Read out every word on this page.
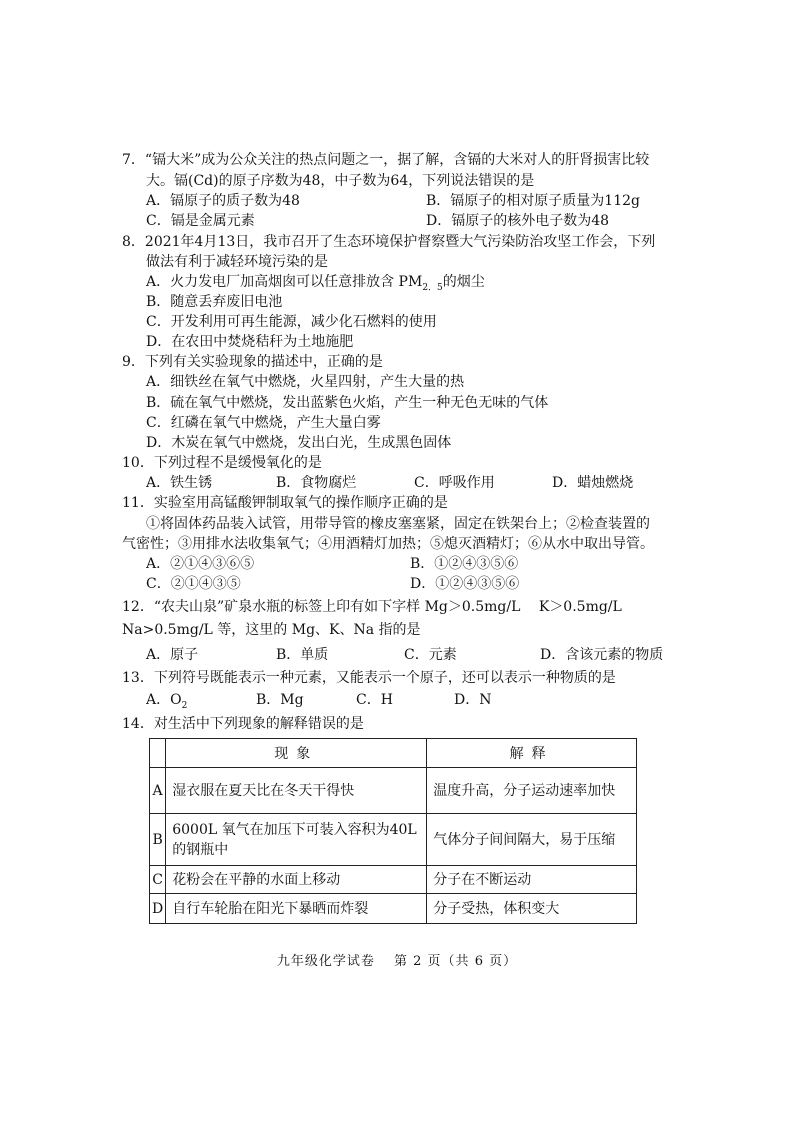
7．“镉大米”成为公众关注的热点问题之一，据了解，含镉的大米对人的肝肾损害比较
大。镉(Cd)的原子序数为48，中子数为64，下列说法错误的是
A．镉原子的质子数为48	B．镉原子的相对原子质量为112g
C．镉是金属元素	D．镉原子的核外电子数为48
8．2021年4月13日，我市召开了生态环境保护督察暨大气污染防治攻坚工作会，下列
做法有利于减轻环境污染的是
A．火力发电厂加高烟囱可以任意排放含 $PM_{2.5}$的烟尘
B．随意丢弃废旧电池
C．开发利用可再生能源，减少化石燃料的使用
D．在农田中焚烧秸秆为土地施肥
9．下列有关实验现象的描述中，正确的是
A．细铁丝在氧气中燃烧，火星四射，产生大量的热
B．硫在氧气中燃烧，发出蓝紫色火焰，产生一种无色无味的气体
C．红磷在氧气中燃烧，产生大量白雾
D．木炭在氧气中燃烧，发出白光，生成黑色固体
10．下列过程不是缓慢氧化的是
A．铁生锈	B．食物腐烂	C．呼吸作用	D．蜡烛燃烧
11．实验室用高锰酸钾制取氧气的操作顺序正确的是
①将固体药品装入试管，用带导管的橡皮塞塞紧，固定在铁架台上；②检查装置的
气密性；③用排水法收集氧气；④用酒精灯加热；⑤熄灭酒精灯；⑥从水中取出导管。
A．②①④③⑥⑤	B．①②④③⑤⑥
C．②①④③⑤	D．①②④③⑤⑥
12．“农夫山泉”矿泉水瓶的标签上印有如下字样 Mg＞0.5mg/L　 K＞0.5mg/L
Na>0.5mg/L 等，这里的 Mg、K、Na 指的是
A．原子	B．单质	C．元素	D．含该元素的物质
13．下列符号既能表示一种元素，又能表示一个原子，还可以表示一种物质的是
A．$O_2$	B．Mg	C．H	D．N
14．对生活中下列现象的解释错误的是
	现象	解释
A	湿衣服在夏天比在冬天干得快	温度升高，分子运动速率加快
B	6000L 氧气在加压下可装入容积为40L的钢瓶中	气体分子间间隔大，易于压缩
C	花粉会在平静的水面上移动	分子在不断运动
D	自行车轮胎在阳光下暴晒而炸裂	分子受热，体积变大
九年级化学试卷　 第 2 页（共 6 页）
